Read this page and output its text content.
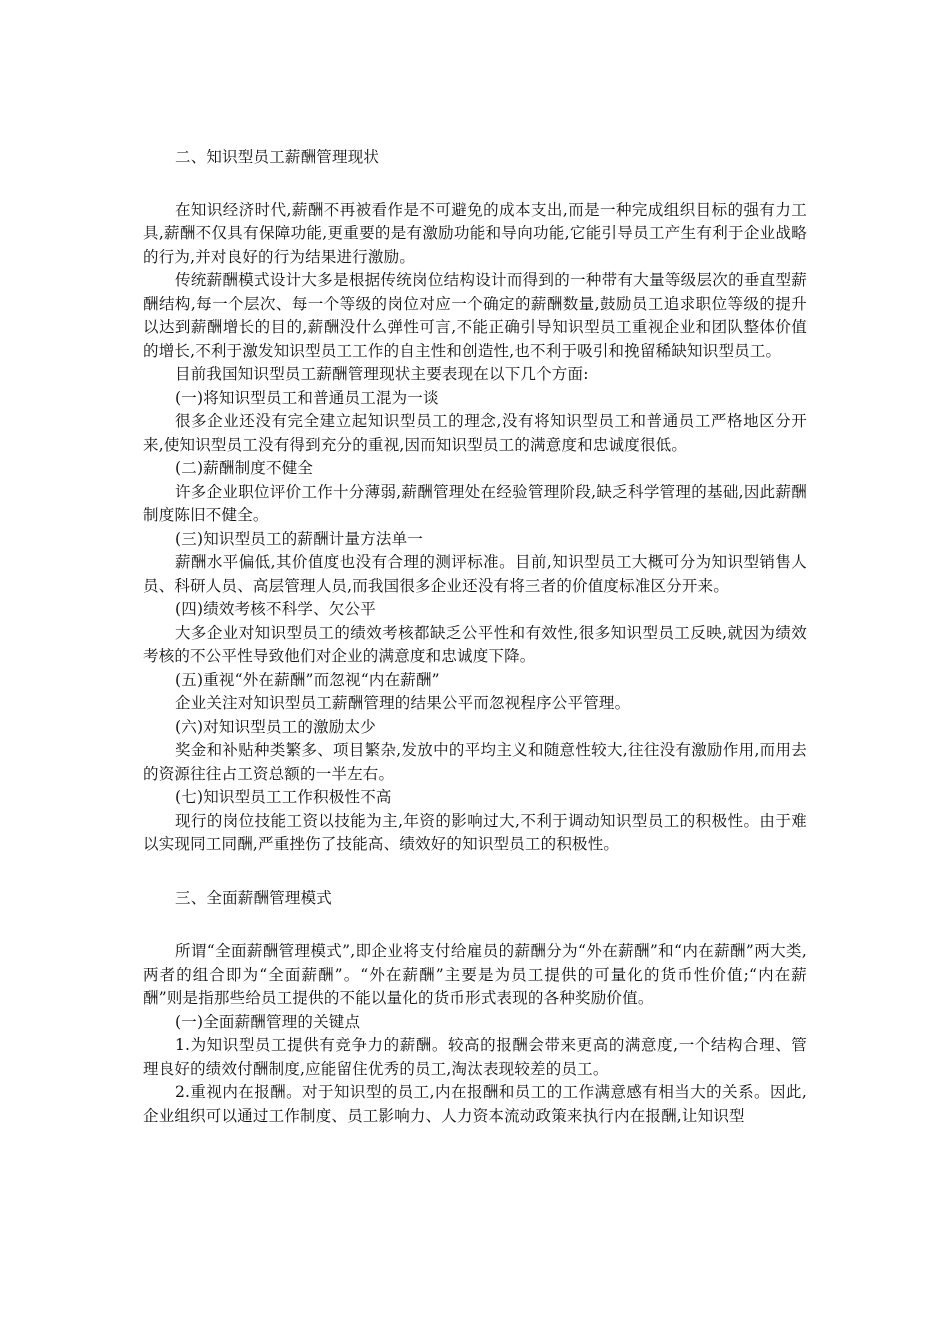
二、知识型员工薪酬管理现状

在知识经济时代,薪酬不再被看作是不可避免的成本支出,而是一种完成组织目标的强有力工具,薪酬不仅具有保障功能,更重要的是有激励功能和导向功能,它能引导员工产生有利于企业战略的行为,并对良好的行为结果进行激励。

传统薪酬模式设计大多是根据传统岗位结构设计而得到的一种带有大量等级层次的垂直型薪酬结构,每一个层次、每一个等级的岗位对应一个确定的薪酬数量,鼓励员工追求职位等级的提升以达到薪酬增长的目的,薪酬没什么弹性可言,不能正确引导知识型员工重视企业和团队整体价值的增长,不利于激发知识型员工工作的自主性和创造性,也不利于吸引和挽留稀缺知识型员工。

目前我国知识型员工薪酬管理现状主要表现在以下几个方面:

(一)将知识型员工和普通员工混为一谈

很多企业还没有完全建立起知识型员工的理念,没有将知识型员工和普通员工严格地区分开来,使知识型员工没有得到充分的重视,因而知识型员工的满意度和忠诚度很低。

(二)薪酬制度不健全

许多企业职位评价工作十分薄弱,薪酬管理处在经验管理阶段,缺乏科学管理的基础,因此薪酬制度陈旧不健全。

(三)知识型员工的薪酬计量方法单一

薪酬水平偏低,其价值度也没有合理的测评标准。目前,知识型员工大概可分为知识型销售人员、科研人员、高层管理人员,而我国很多企业还没有将三者的价值度标准区分开来。

(四)绩效考核不科学、欠公平

大多企业对知识型员工的绩效考核都缺乏公平性和有效性,很多知识型员工反映,就因为绩效考核的不公平性导致他们对企业的满意度和忠诚度下降。

(五)重视“外在薪酬”而忽视“内在薪酬”

企业关注对知识型员工薪酬管理的结果公平而忽视程序公平管理。

(六)对知识型员工的激励太少

奖金和补贴种类繁多、项目繁杂,发放中的平均主义和随意性较大,往往没有激励作用,而用去的资源往往占工资总额的一半左右。

(七)知识型员工工作积极性不高

现行的岗位技能工资以技能为主,年资的影响过大,不利于调动知识型员工的积极性。由于难以实现同工同酬,严重挫伤了技能高、绩效好的知识型员工的积极性。

三、全面薪酬管理模式

所谓“全面薪酬管理模式”,即企业将支付给雇员的薪酬分为“外在薪酬”和“内在薪酬”两大类,两者的组合即为“全面薪酬”。“外在薪酬”主要是为员工提供的可量化的货币性价值;“内在薪酬”则是指那些给员工提供的不能以量化的货币形式表现的各种奖励价值。

(一)全面薪酬管理的关键点

1.为知识型员工提供有竞争力的薪酬。较高的报酬会带来更高的满意度,一个结构合理、管理良好的绩效付酬制度,应能留住优秀的员工,淘汰表现较差的员工。

2.重视内在报酬。对于知识型的员工,内在报酬和员工的工作满意感有相当大的关系。因此,企业组织可以通过工作制度、员工影响力、人力资本流动政策来执行内在报酬,让知识型
